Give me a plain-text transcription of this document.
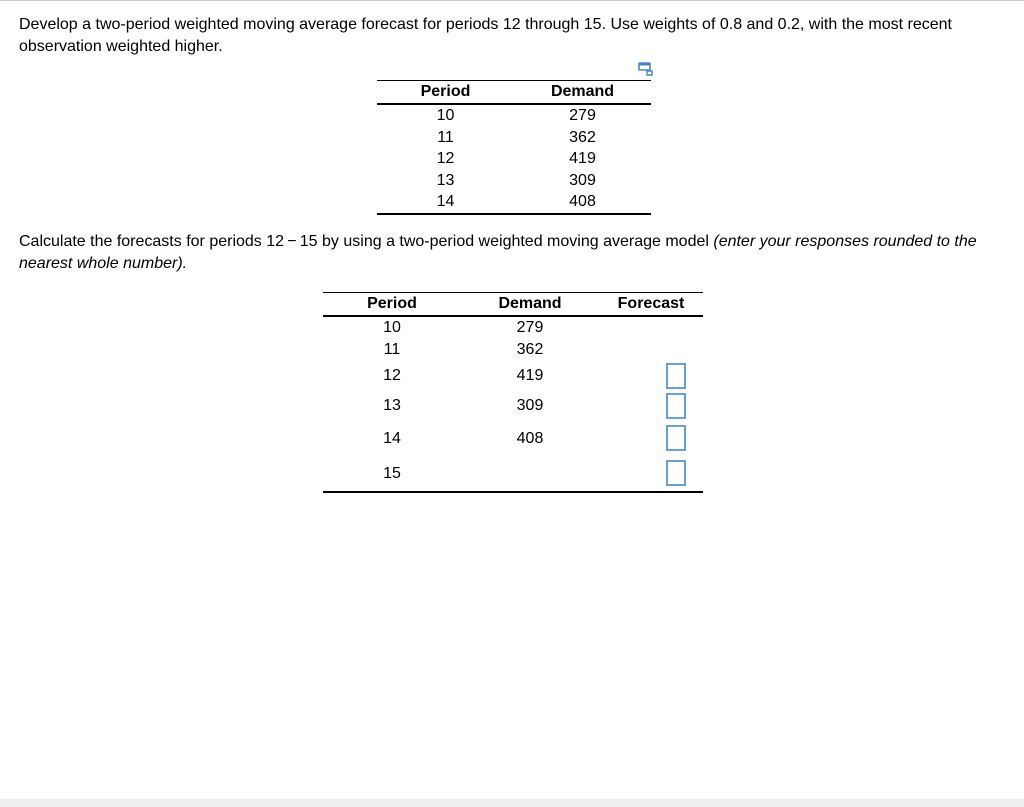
Develop a two-period weighted moving average forecast for periods 12 through 15. Use weights of 0.8 and 0.2, with the most recent observation weighted higher.
Period	Demand
10	279
11	362
12	419
13	309
14	408
Calculate the forecasts for periods 12 − 15 by using a two-period weighted moving average model (enter your responses rounded to the nearest whole number).
Period	Demand	Forecast
10	279
11	362
12	419
13	309
14	408
15
